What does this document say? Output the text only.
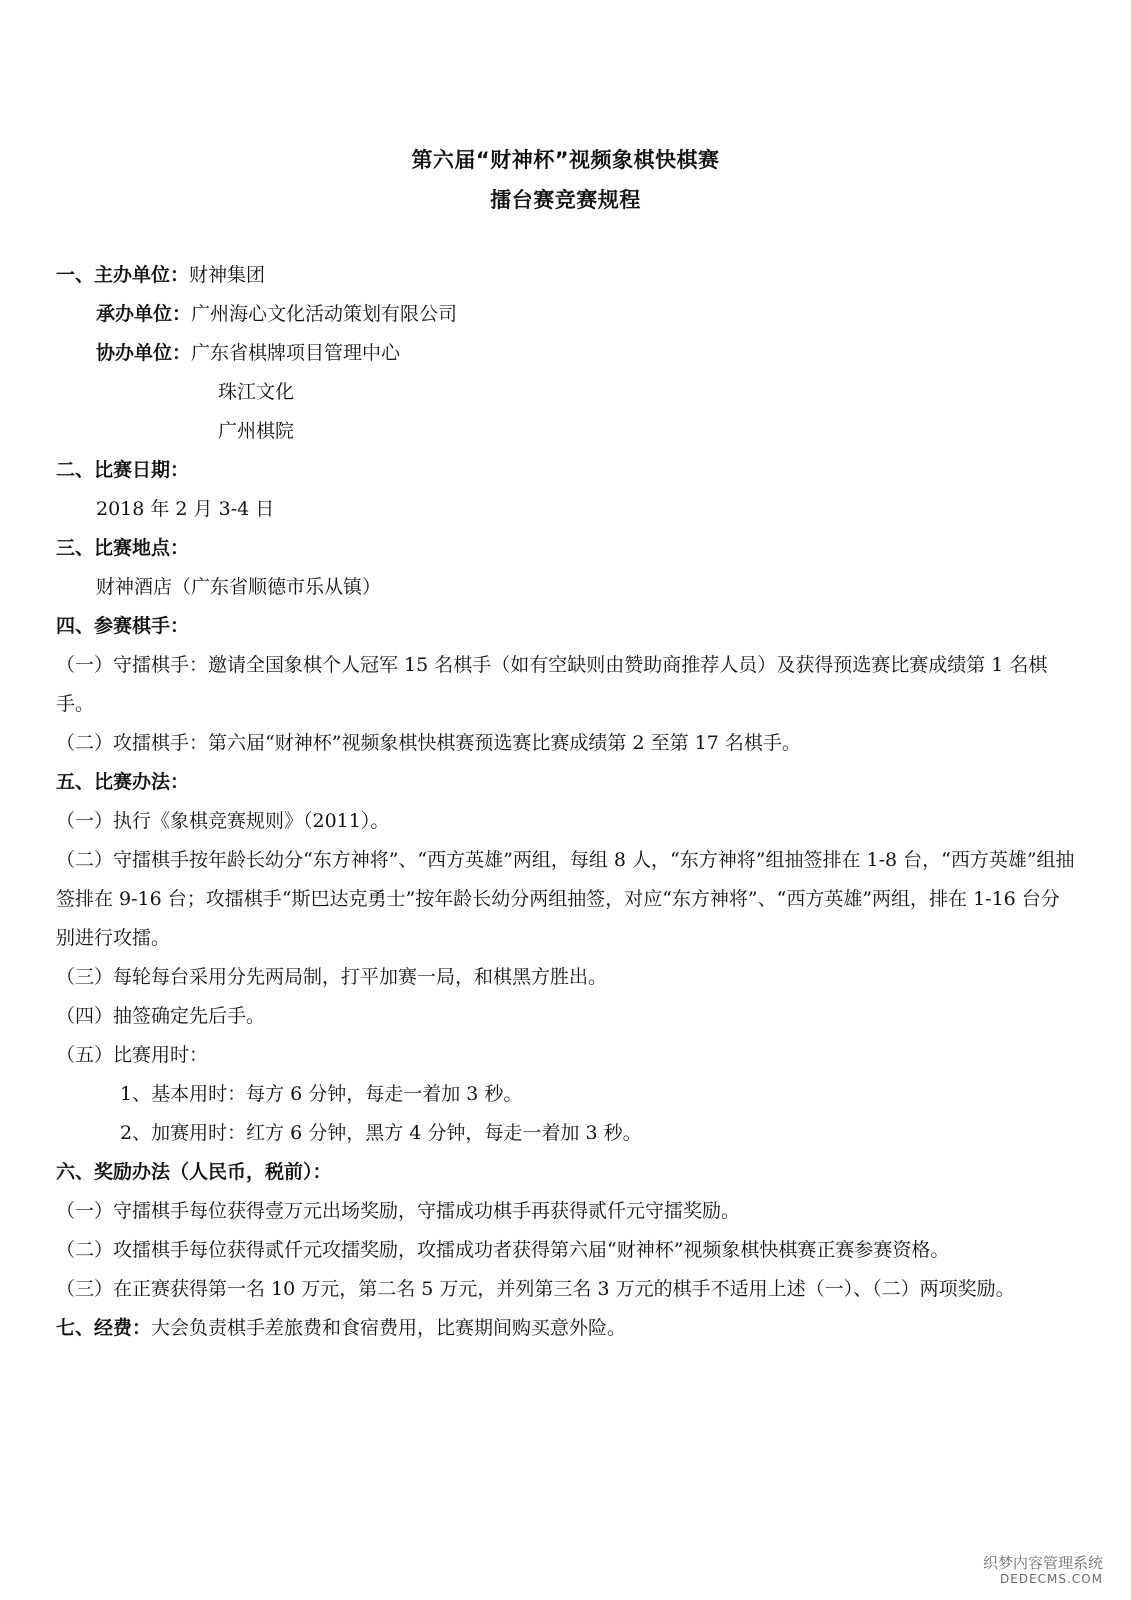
第六届“财神杯”视频象棋快棋赛
擂台赛竞赛规程
一、主办单位：财神集团
承办单位：广州海心文化活动策划有限公司
协办单位：广东省棋牌项目管理中心
珠江文化
广州棋院
二、比赛日期：
2018 年 2 月 3-4 日
三、比赛地点：
财神酒店（广东省顺德市乐从镇）
四、参赛棋手：
（一）守擂棋手：邀请全国象棋个人冠军 15 名棋手（如有空缺则由赞助商推荐人员）及获得预选赛比赛成绩第 1 名棋手。
（二）攻擂棋手：第六届“财神杯”视频象棋快棋赛预选赛比赛成绩第 2 至第 17 名棋手。
五、比赛办法：
（一）执行《象棋竞赛规则》（2011）。
（二）守擂棋手按年龄长幼分“东方神将”、“西方英雄”两组，每组 8 人，“东方神将”组抽签排在 1-8 台，“西方英雄”组抽签排在 9-16 台；攻擂棋手“斯巴达克勇士”按年龄长幼分两组抽签，对应“东方神将”、“西方英雄”两组，排在 1-16 台分别进行攻擂。
（三）每轮每台采用分先两局制，打平加赛一局，和棋黑方胜出。
（四）抽签确定先后手。
（五）比赛用时：
1、基本用时：每方 6 分钟，每走一着加 3 秒。
2、加赛用时：红方 6 分钟，黑方 4 分钟，每走一着加 3 秒。
六、奖励办法（人民币，税前）：
（一）守擂棋手每位获得壹万元出场奖励，守擂成功棋手再获得贰仟元守擂奖励。
（二）攻擂棋手每位获得贰仟元攻擂奖励，攻擂成功者获得第六届“财神杯”视频象棋快棋赛正赛参赛资格。
（三）在正赛获得第一名 10 万元，第二名 5 万元，并列第三名 3 万元的棋手不适用上述（一）、（二）两项奖励。
七、经费：大会负责棋手差旅费和食宿费用，比赛期间购买意外险。
织梦内容管理系统
DEDECMS.COM
